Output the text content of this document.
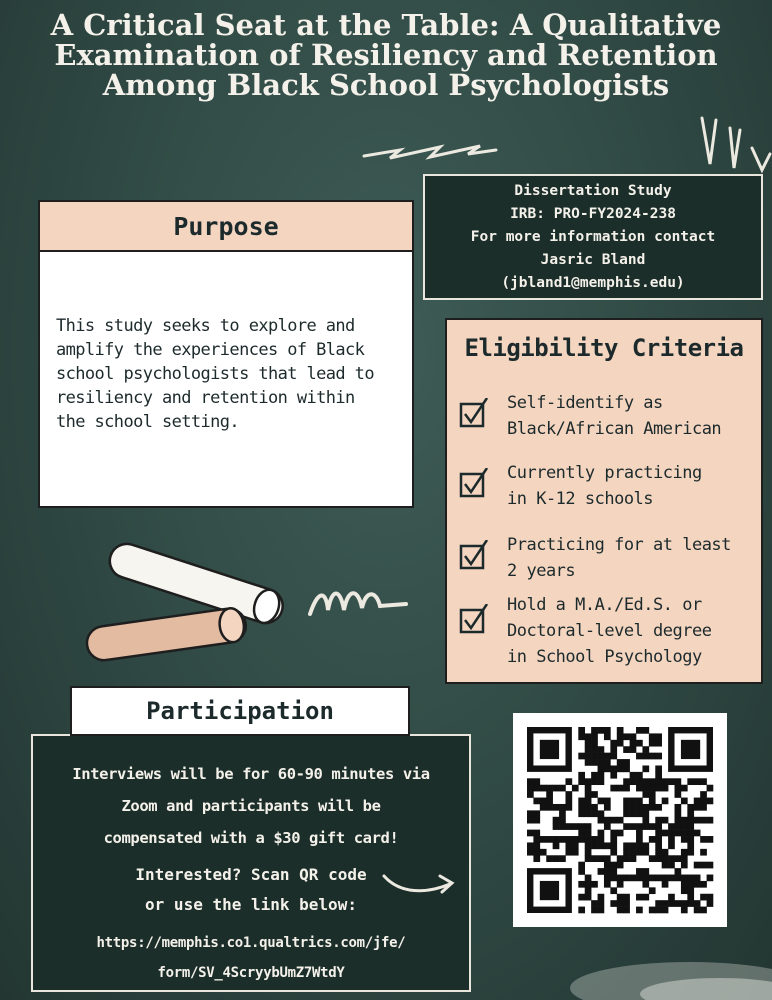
A Critical Seat at the Table: A Qualitative
Examination of Resiliency and Retention
Among Black School Psychologists
Dissertation Study
IRB: PRO-FY2024-238
For more information contact
Jasric Bland
(jbland1@memphis.edu)
This study seeks to explore and
amplify the experiences of Black
school psychologists that lead to
resiliency and retention within
the school setting.
Purpose
Eligibility Criteria
Self-identify as
Black/African American
Currently practicing
in K-12 schools
Practicing for at least
2 years
Hold a M.A./Ed.S. or
Doctoral-level degree
in School Psychology
Interviews will be for 60-90 minutes via
Zoom and participants will be
compensated with a $30 gift card!
Interested? Scan QR code
or use the link below:
https://memphis.co1.qualtrics.com/jfe/
form/SV_4ScryybUmZ7WtdY
Participation
